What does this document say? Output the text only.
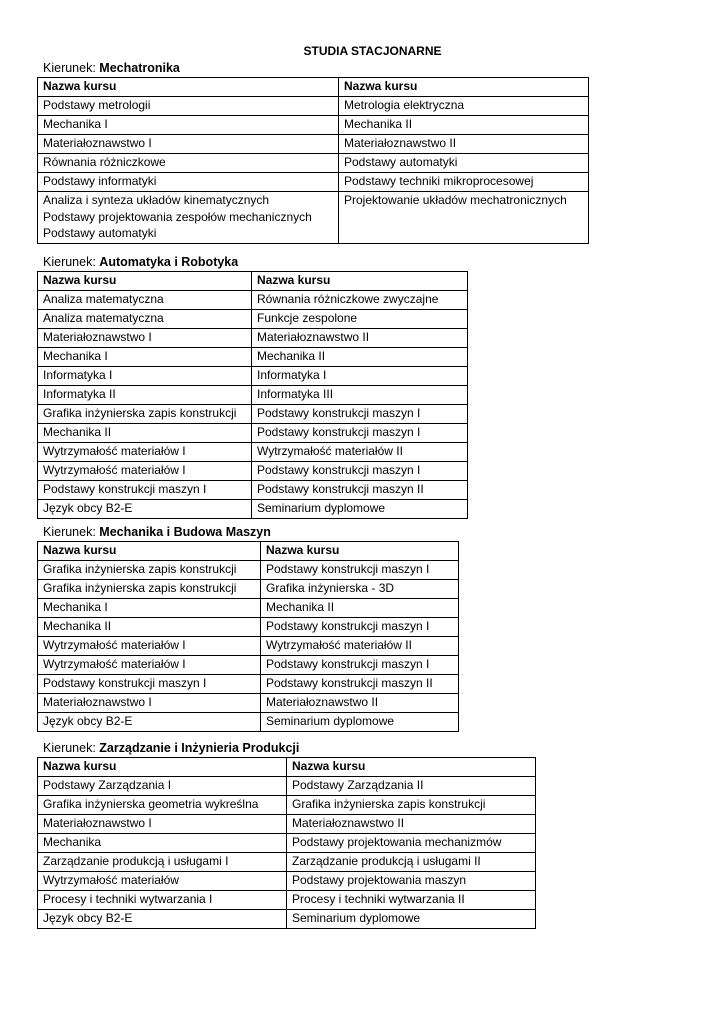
STUDIA STACJONARNE
Kierunek: Mechatronika
Nazwa kursu	Nazwa kursu
Podstawy metrologii	Metrologia elektryczna
Mechanika I	Mechanika II
Materiałoznawstwo I	Materiałoznawstwo II
Równania różniczkowe	Podstawy automatyki
Podstawy informatyki	Podstawy techniki mikroprocesowej

Analiza i synteza układów kinematycznych
Podstawy projektowania zespołów mechanicznych
Podstawy automatyki	Projektowanie układów mechatronicznych
Kierunek: Automatyka i Robotyka
Nazwa kursu	Nazwa kursu
Analiza matematyczna	Równania różniczkowe zwyczajne
Analiza matematyczna	Funkcje zespolone
Materiałoznawstwo I	Materiałoznawstwo II
Mechanika I	Mechanika II
Informatyka I	Informatyka I
Informatyka II	Informatyka III
Grafika inżynierska zapis konstrukcji	Podstawy konstrukcji maszyn I
Mechanika II	Podstawy konstrukcji maszyn I
Wytrzymałość materiałów I	Wytrzymałość materiałów II
Wytrzymałość materiałów I	Podstawy konstrukcji maszyn I
Podstawy konstrukcji maszyn I	Podstawy konstrukcji maszyn II
Język obcy B2-E	Seminarium dyplomowe
Kierunek: Mechanika i Budowa Maszyn
Nazwa kursu	Nazwa kursu
Grafika inżynierska zapis konstrukcji	Podstawy konstrukcji maszyn I
Grafika inżynierska zapis konstrukcji	Grafika inżynierska - 3D
Mechanika I	Mechanika II
Mechanika II	Podstawy konstrukcji maszyn I
Wytrzymałość materiałów I	Wytrzymałość materiałów II
Wytrzymałość materiałów I	Podstawy konstrukcji maszyn I
Podstawy konstrukcji maszyn I	Podstawy konstrukcji maszyn II
Materiałoznawstwo I	Materiałoznawstwo II
Język obcy B2-E	Seminarium dyplomowe
Kierunek: Zarządzanie i Inżynieria Produkcji
Nazwa kursu	Nazwa kursu
Podstawy Zarządzania I	Podstawy Zarządzania II
Grafika inżynierska geometria wykreślna	Grafika inżynierska zapis konstrukcji
Materiałoznawstwo I	Materiałoznawstwo II
Mechanika	Podstawy projektowania mechanizmów
Zarządzanie produkcją i usługami I	Zarządzanie produkcją i usługami II
Wytrzymałość materiałów	Podstawy projektowania maszyn
Procesy i techniki wytwarzania I	Procesy i techniki wytwarzania II
Język obcy B2-E	Seminarium dyplomowe
